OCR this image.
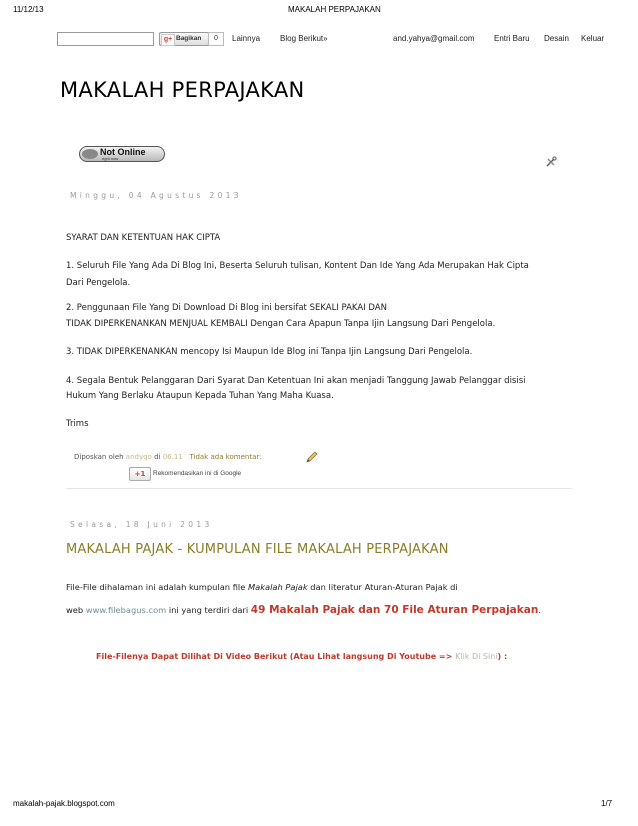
11/12/13	MAKALAH PERPAJAKAN
g+ Bagikan	0	Lainnya Blog Berikut»	and.yahya@gmail.com Entri Baru Desain Keluar
MAKALAH PERPAJAKAN
Not Online
right now
Minggu, 04 Agustus 2013
SYARAT DAN KETENTUAN HAK CIPTA
1. Seluruh File Yang Ada Di Blog Ini, Beserta Seluruh tulisan, Kontent Dan Ide Yang Ada Merupakan Hak Cipta
Dari Pengelola.
2. Penggunaan File Yang Di Download Di Blog ini bersifat SEKALI PAKAI DAN
TIDAK DIPERKENANKAN MENJUAL KEMBALI Dengan Cara Apapun Tanpa Ijin Langsung Dari Pengelola.
3. TIDAK DIPERKENANKAN mencopy Isi Maupun Ide Blog ini Tanpa Ijin Langsung Dari Pengelola.
4. Segala Bentuk Pelanggaran Dari Syarat Dan Ketentuan Ini akan menjadi Tanggung Jawab Pelanggar disisi
Hukum Yang Berlaku Ataupun Kepada Tuhan Yang Maha Kuasa.
Trims
Diposkan oleh andyqo di 06.11 Tidak ada komentar:
+1	Rekomendasikan ini di Google
Selasa, 18 Juni 2013
MAKALAH PAJAK - KUMPULAN FILE MAKALAH PERPAJAKAN
File-File dihalaman ini adalah kumpulan file Makalah Pajak dan literatur Aturan-Aturan Pajak di
web www.filebagus.com ini yang terdiri dari 49 Makalah Pajak dan 70 File Aturan Perpajakan.
File-Filenya Dapat Dilihat Di Video Berikut (Atau Lihat langsung Di Youtube => Klik Di Sini) :
makalah-pajak.blogspot.com	1/7
